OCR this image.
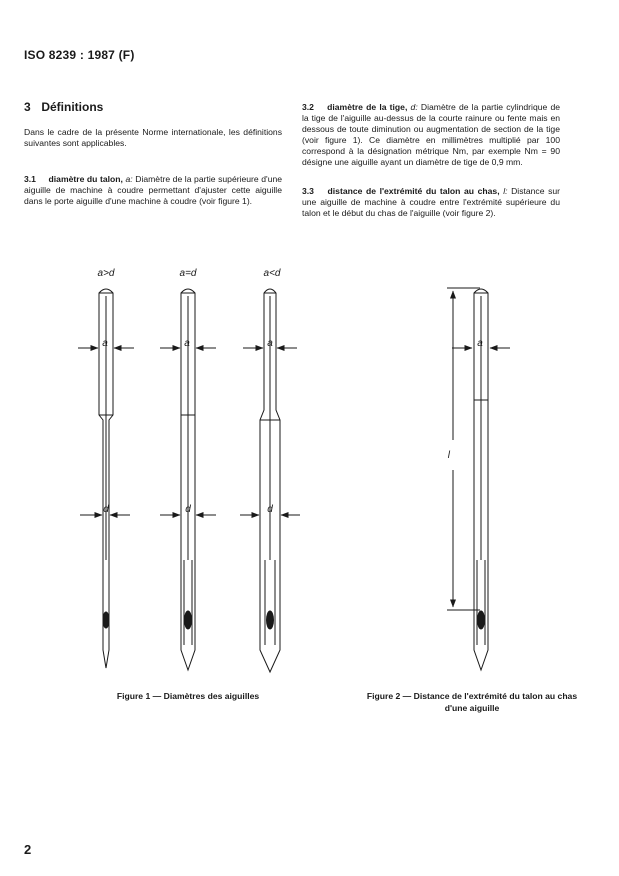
ISO 8239 : 1987 (F)
3 Définitions
Dans le cadre de la présente Norme internationale, les définitions suivantes sont applicables.
3.1 diamètre du talon, a: Diamètre de la partie supérieure d'une aiguille de machine à coudre permettant d'ajuster cette aiguille dans le porte aiguille d'une machine à coudre (voir figure 1).
3.2 diamètre de la tige, d: Diamètre de la partie cylindrique de la tige de l'aiguille au-dessus de la courte rainure ou fente mais en dessous de toute diminution ou augmentation de section de la tige (voir figure 1). Ce diamètre en millimètres multiplié par 100 correspond à la désignation métrique Nm, par exemple Nm = 90 désigne une aiguille ayant un diamètre de tige de 0,9 mm.
3.3 distance de l'extrémité du talon au chas, l: Distance sur une aiguille de machine à coudre entre l'extrémité supérieure du talon et le début du chas de l'aiguille (voir figure 2).
a>d	a=d	a<d
a
d
a
d
a
d
a
l
Figure 1 — Diamètres des aiguilles	Figure 2 — Distance de l'extrémité du talon au chas d'une aiguille
2
